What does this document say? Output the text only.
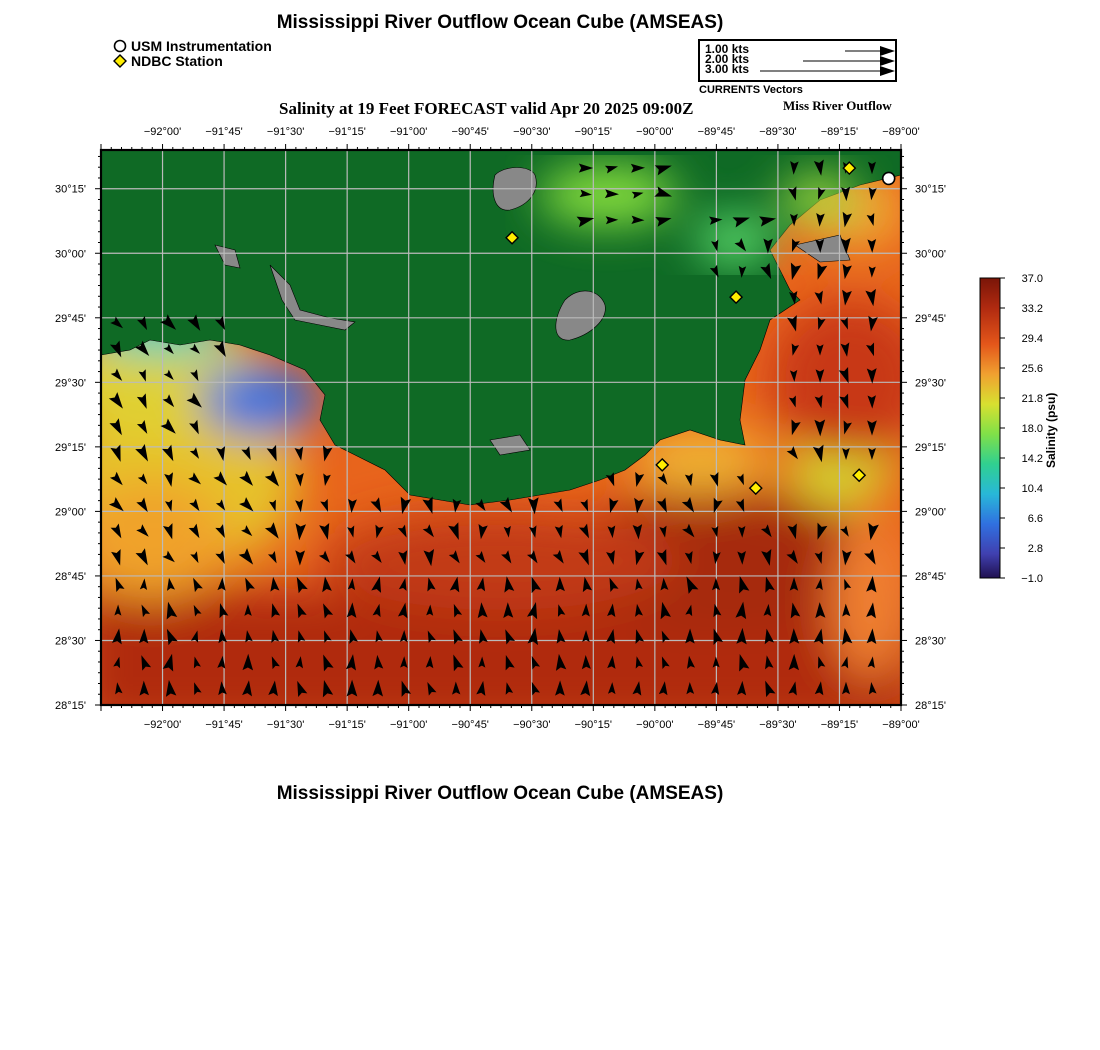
Mississippi River Outflow Ocean Cube (AMSEAS)
USM Instrumentation
NDBC Station
1.00 kts
2.00 kts
3.00 kts
CURRENTS Vectors
Salinity at 19 Feet FORECAST valid Apr 20 2025 09:00Z	Miss River Outflow
−92°00' −91°45' −91°30' −91°15' −91°00' −90°45' −90°30' −90°15' −90°00' −89°45' −89°30' −89°15' −89°00'
−92°00' −91°45' −91°30' −91°15' −91°00' −90°45' −90°30' −90°15' −90°00' −89°45' −89°30' −89°15' −89°00'
30°15'
30°00'
29°45'
29°30'
29°15'
29°00'
28°45'
28°30'
28°15'
30°15'
30°00'
29°45'
29°30'
29°15'
29°00'
28°45'
28°30'
28°15'
37.0
33.2
29.4
25.6
21.8
18.0
14.2
10.4
6.6
2.8
−1.0
Salinity (psu)
Mississippi River Outflow Ocean Cube (AMSEAS)
